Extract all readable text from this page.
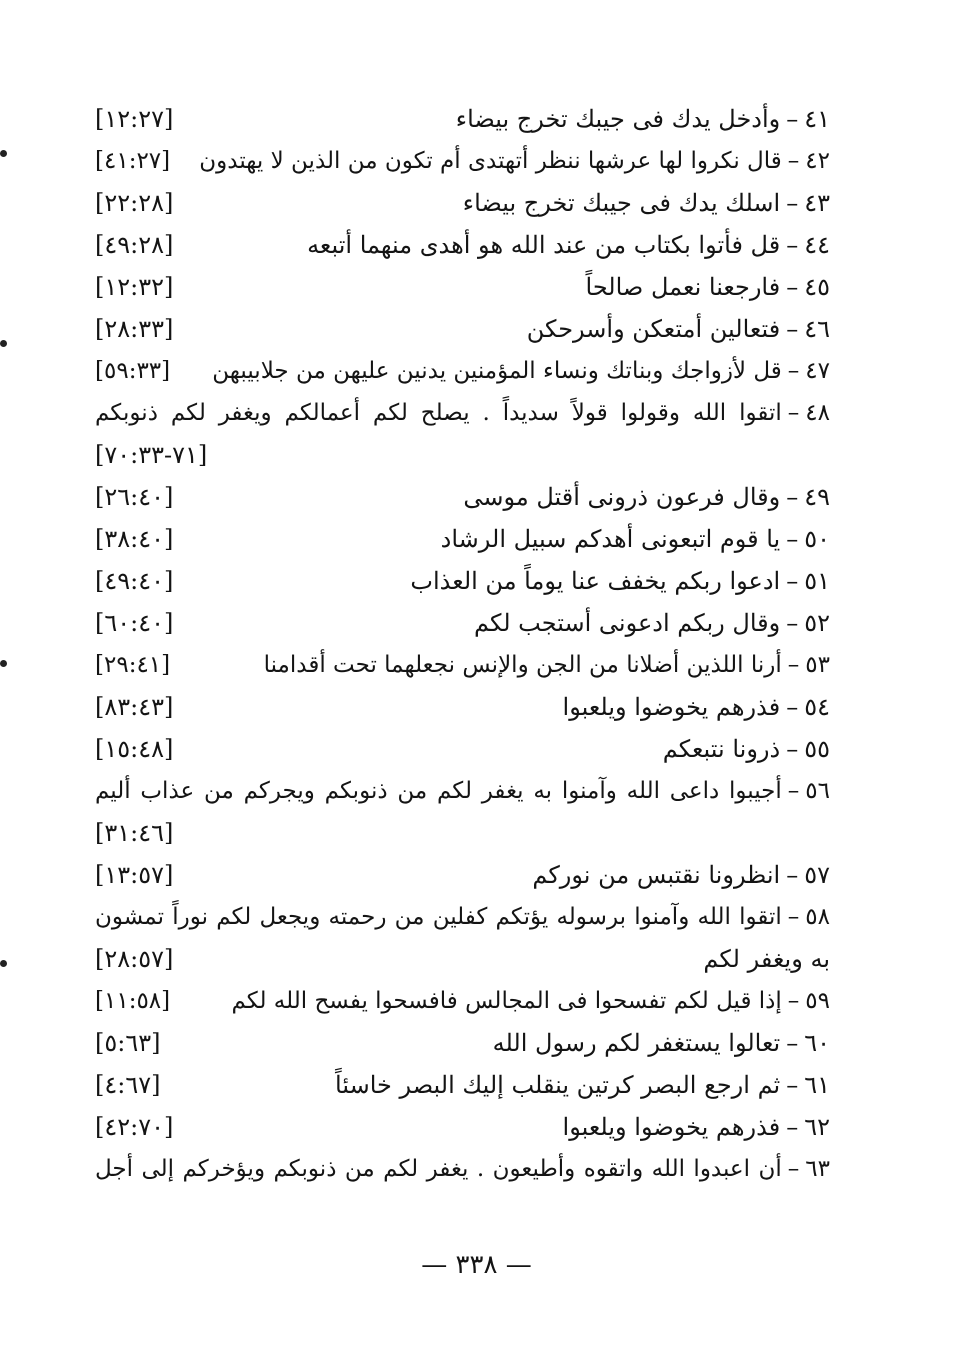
٤١–وأدخل يدك فى جيبك تخرج بيضاء
[١٢:٢٧]
٤٢–قال نكروا لها عرشها ننظر أتهتدى أم تكون من الذين لا يهتدون
[٤١:٢٧]
٤٣–اسلك يدك فى جيبك تخرج بيضاء
[٢٢:٢٨]
٤٤–قل فأتوا بكتاب من عند الله هو أهدى منهما أتبعه
[٤٩:٢٨]
٤٥–فارجعنا نعمل صالحاً
[١٢:٣٢]
٤٦–فتعالين أمتعكن وأسرحكن
[٢٨:٣٣]
٤٧–قل لأزواجك وبناتك ونساء المؤمنين يدنين عليهن من جلابيبهن
[٥٩:٣٣]
٤٨–اتقوا الله وقولوا قولاً سديداً . يصلح لكم أعمالكم ويغفر لكم ذنوبكم
[٧١-٧٠:٣٣]
٤٩–وقال فرعون ذرونى أقتل موسى
[٢٦:٤٠]
٥٠–يا قوم اتبعونى أهدكم سبيل الرشاد
[٣٨:٤٠]
٥١–ادعوا ربكم يخفف عنا يوماً من العذاب
[٤٩:٤٠]
٥٢–وقال ربكم ادعونى أستجب لكم
[٦٠:٤٠]
٥٣–أرنا اللذين أضلانا من الجن والإنس نجعلهما تحت أقدامنا
[٢٩:٤١]
٥٤–فذرهم يخوضوا ويلعبوا
[٨٣:٤٣]
٥٥–ذرونا نتبعكم
[١٥:٤٨]
٥٦–أجيبوا داعى الله وآمنوا به يغفر لكم من ذنوبكم ويجركم من عذاب أليم
[٣١:٤٦]
٥٧–انظرونا نقتبس من نوركم
[١٣:٥٧]
٥٨–اتقوا الله وآمنوا برسوله يؤتكم كفلين من رحمته ويجعل لكم نوراً تمشون
به ويغفر لكم
[٢٨:٥٧]
٥٩–إذا قيل لكم تفسحوا فى المجالس فافسحوا يفسح الله لكم
[١١:٥٨]
٦٠–تعالوا يستغفر لكم رسول الله
[٥:٦٣]
٦١–ثم ارجع البصر كرتين ينقلب إليك البصر خاسئاً
[٤:٦٧]
٦٢–فذرهم يخوضوا ويلعبوا
[٤٢:٧٠]
٦٣–أن اعبدوا الله واتقوه وأطيعون . يغفر لكم من ذنوبكم ويؤخركم إلى أجل
— ٣٣٨ —
